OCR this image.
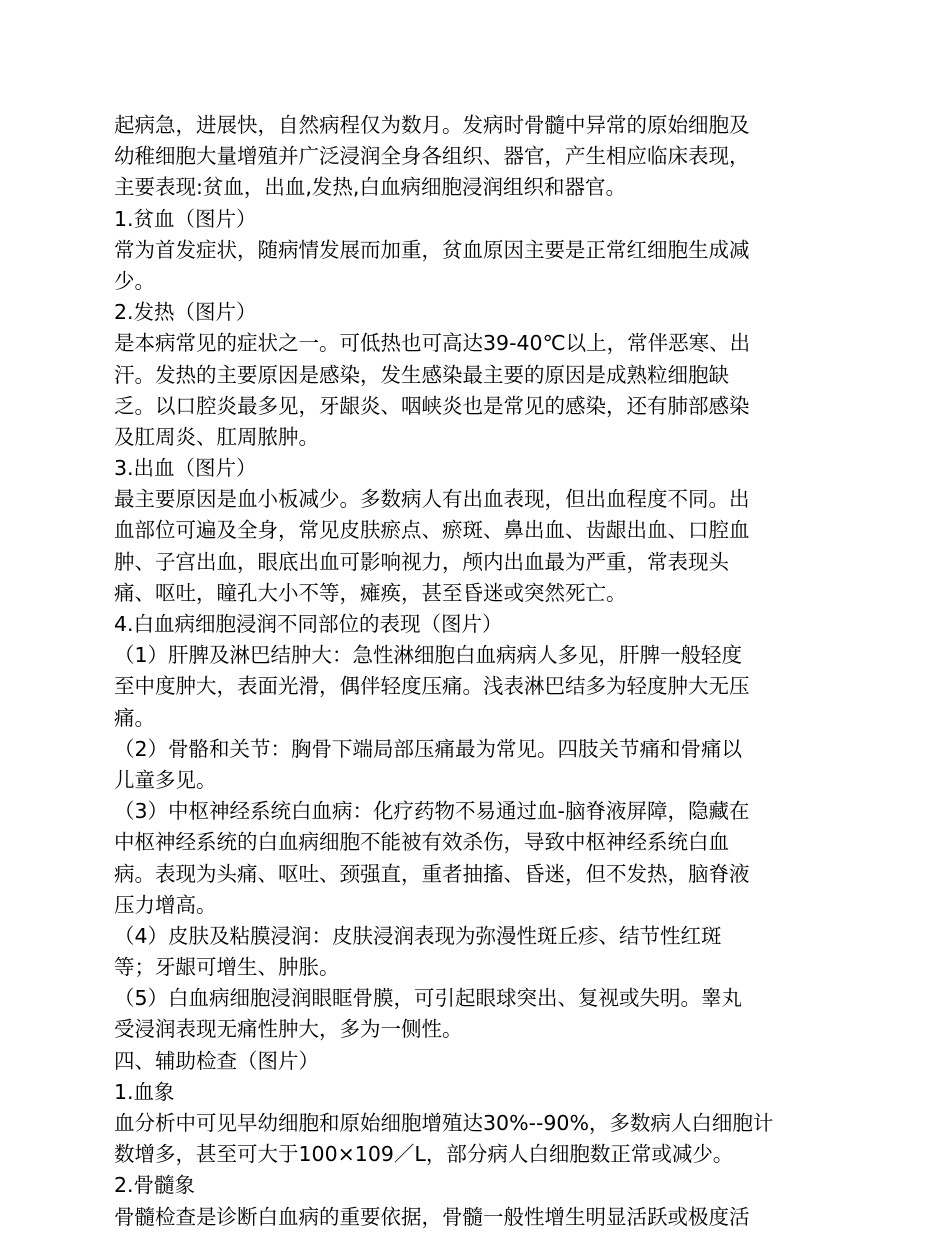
起病急，进展快，自然病程仅为数月。发病时骨髓中异常的原始细胞及
幼稚细胞大量增殖并广泛浸润全身各组织、器官，产生相应临床表现，
主要表现:贫血，出血,发热,白血病细胞浸润组织和器官。
1.贫血（图片）
常为首发症状，随病情发展而加重，贫血原因主要是正常红细胞生成减
少。
2.发热（图片）
是本病常见的症状之一。可低热也可高达39-40℃以上，常伴恶寒、出
汗。发热的主要原因是感染，发生感染最主要的原因是成熟粒细胞缺
乏。以口腔炎最多见，牙龈炎、咽峡炎也是常见的感染，还有肺部感染
及肛周炎、肛周脓肿。
3.出血（图片）
最主要原因是血小板减少。多数病人有出血表现，但出血程度不同。出
血部位可遍及全身，常见皮肤瘀点、瘀斑、鼻出血、齿龈出血、口腔血
肿、子宫出血，眼底出血可影响视力，颅内出血最为严重，常表现头
痛、呕吐，瞳孔大小不等，瘫痪，甚至昏迷或突然死亡。
4.白血病细胞浸润不同部位的表现（图片）
（1）肝脾及淋巴结肿大：急性淋细胞白血病病人多见，肝脾一般轻度
至中度肿大，表面光滑，偶伴轻度压痛。浅表淋巴结多为轻度肿大无压
痛。
（2）骨骼和关节：胸骨下端局部压痛最为常见。四肢关节痛和骨痛以
儿童多见。
（3）中枢神经系统白血病：化疗药物不易通过血-脑脊液屏障，隐藏在
中枢神经系统的白血病细胞不能被有效杀伤，导致中枢神经系统白血
病。表现为头痛、呕吐、颈强直，重者抽搐、昏迷，但不发热，脑脊液
压力增高。
（4）皮肤及粘膜浸润：皮肤浸润表现为弥漫性斑丘疹、结节性红斑
等；牙龈可增生、肿胀。
（5）白血病细胞浸润眼眶骨膜，可引起眼球突出、复视或失明。睾丸
受浸润表现无痛性肿大，多为一侧性。
四、辅助检查（图片）
1.血象
血分析中可见早幼细胞和原始细胞增殖达30%--90%，多数病人白细胞计
数增多，甚至可大于100×109／L，部分病人白细胞数正常或减少。
2.骨髓象
骨髓检查是诊断白血病的重要依据，骨髓一般性增生明显活跃或极度活
